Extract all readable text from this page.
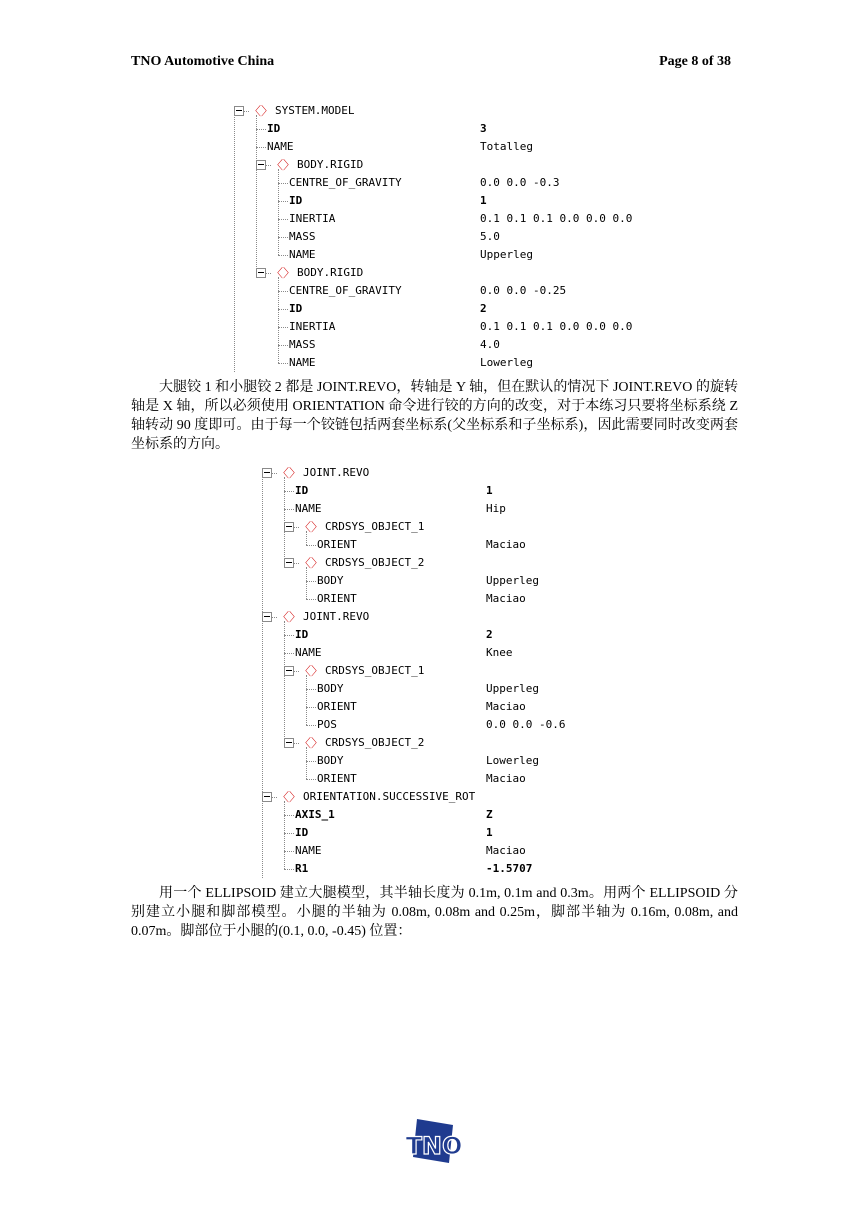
TNO Automotive China	Page 8 of 38
〈〉 SYSTEM.MODEL
ID	3
NAME	Totalleg
〈〉 BODY.RIGID
CENTRE_OF_GRAVITY	0.0 0.0 -0.3
ID	1
INERTIA	0.1 0.1 0.1 0.0 0.0 0.0
MASS	5.0
NAME	Upperleg
〈〉 BODY.RIGID
CENTRE_OF_GRAVITY	0.0 0.0 -0.25
ID	2
INERTIA	0.1 0.1 0.1 0.0 0.0 0.0
MASS	4.0
NAME	Lowerleg

大腿铰 1 和小腿铰 2 都是 JOINT.REVO，转轴是 Y 轴，但在默认的情况下 JOINT.REVO 的旋转轴是 X 轴，所以必须使用 ORIENTATION 命令进行铰的方向的改变，对于本练习只要将坐标系绕 Z 轴转动 90 度即可。由于每一个铰链包括两套坐标系(父坐标系和子坐标系)，因此需要同时改变两套坐标系的方向。

〈〉 JOINT.REVO
ID	1
NAME	Hip
〈〉 CRDSYS_OBJECT_1
ORIENT	Maciao
〈〉 CRDSYS_OBJECT_2
BODY	Upperleg
ORIENT	Maciao
〈〉 JOINT.REVO
ID	2
NAME	Knee
〈〉 CRDSYS_OBJECT_1
BODY	Upperleg
ORIENT	Maciao
POS	0.0 0.0 -0.6
〈〉 CRDSYS_OBJECT_2
BODY	Lowerleg
ORIENT	Maciao
〈〉 ORIENTATION.SUCCESSIVE_ROT
AXIS_1	Z
ID	1
NAME	Maciao
R1	-1.5707

用一个 ELLIPSOID 建立大腿模型，其半轴长度为 0.1m, 0.1m and 0.3m。用两个 ELLIPSOID 分别建立小腿和脚部模型。小腿的半轴为 0.08m, 0.08m and 0.25m，脚部半轴为 0.16m, 0.08m, and 0.07m。脚部位于小腿的(0.1, 0.0, -0.45) 位置：

TNO
